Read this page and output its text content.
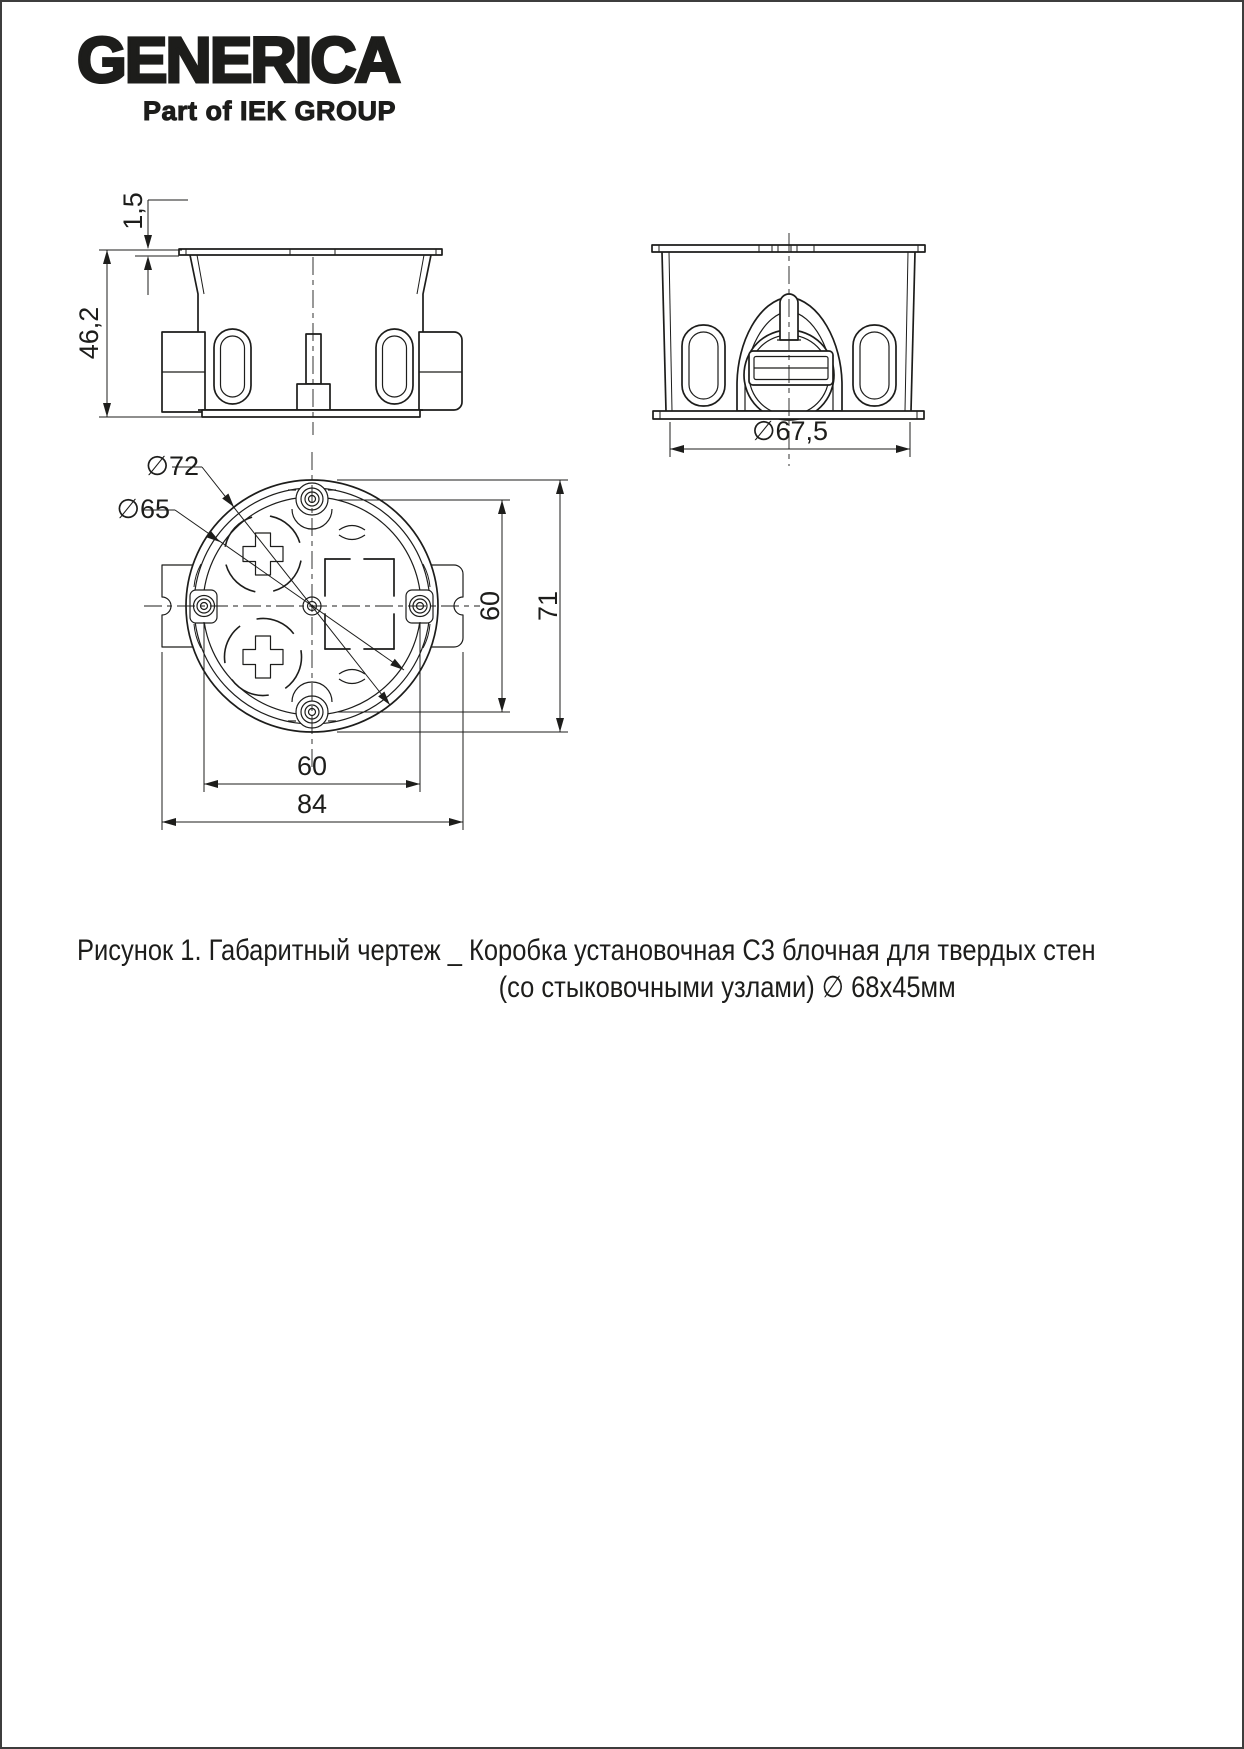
GENERICA
Part of IEK GROUP
46,2
1,5
∅67,5
∅72
∅65
60 71
60
84
Рисунок 1. Габаритный чертеж _ Коробка установочная С3 блочная для твердых стен
(со стыковочными узлами) ∅ 68х45мм
